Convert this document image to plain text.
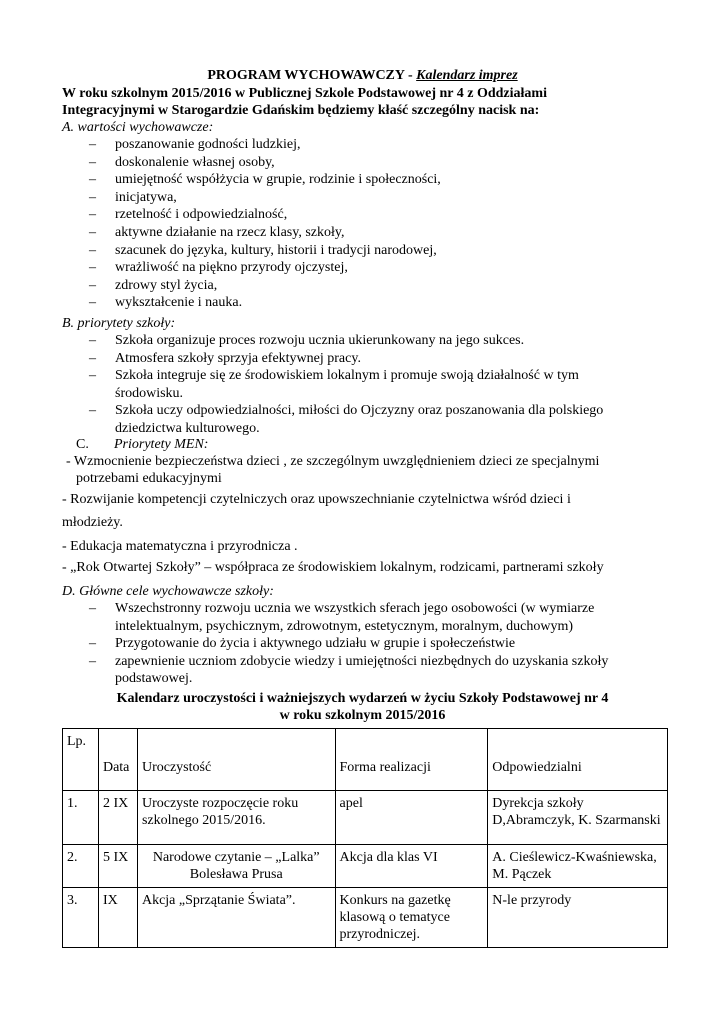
PROGRAM WYCHOWAWCZY - Kalendarz imprez
W roku szkolnym 2015/2016 w Publicznej Szkole Podstawowej nr 4 z Oddziałami
Integracyjnymi w Starogardzie Gdańskim będziemy kłaść szczególny nacisk na:
A. wartości wychowawcze:
– poszanowanie godności ludzkiej,
– doskonalenie własnej osoby,
– umiejętność współżycia w grupie, rodzinie i społeczności,
– inicjatywa,
– rzetelność i odpowiedzialność,
– aktywne działanie na rzecz klasy, szkoły,
– szacunek do języka, kultury, historii i tradycji narodowej,
– wrażliwość na piękno przyrody ojczystej,
– zdrowy styl życia,
– wykształcenie i nauka.
B. priorytety szkoły:
– Szkoła organizuje proces rozwoju ucznia ukierunkowany na jego sukces.
– Atmosfera szkoły sprzyja efektywnej pracy.
– Szkoła integruje się ze środowiskiem lokalnym i promuje swoją działalność w tym środowisku.
– Szkoła uczy odpowiedzialności, miłości do Ojczyzny oraz poszanowania dla polskiego dziedzictwa kulturowego.
C. Priorytety MEN:
- Wzmocnienie bezpieczeństwa dzieci , ze szczególnym uwzględnieniem dzieci ze specjalnymi
potrzebami edukacyjnymi
- Rozwijanie kompetencji czytelniczych oraz upowszechnianie czytelnictwa wśród dzieci i
młodzieży.
- Edukacja matematyczna i przyrodnicza .
- „Rok Otwartej Szkoły” – współpraca ze środowiskiem lokalnym, rodzicami, partnerami szkoły
D. Główne cele wychowawcze szkoły:
– Wszechstronny rozwoju ucznia we wszystkich sferach jego osobowości (w wymiarze intelektualnym, psychicznym, zdrowotnym, estetycznym, moralnym, duchowym)
– Przygotowanie do życia i aktywnego udziału w grupie i społeczeństwie
– zapewnienie uczniom zdobycie wiedzy i umiejętności niezbędnych do uzyskania szkoły podstawowej.
Kalendarz uroczystości i ważniejszych wydarzeń w życiu Szkoły Podstawowej nr 4
w roku szkolnym 2015/2016
Lp.	Data	Uroczystość	Forma realizacji	Odpowiedzialni
1.	2 IX	Uroczyste rozpoczęcie roku szkolnego 2015/2016.	apel	Dyrekcja szkoły D,Abramczyk, K. Szarmanski
2.	5 IX	Narodowe czytanie – „Lalka” Bolesława Prusa	Akcja dla klas VI	A. Cieślewicz-Kwaśniewska, M. Pączek
3.	IX	Akcja „Sprzątanie Świata”.	Konkurs na gazetkę klasową o tematyce przyrodniczej.	N-le przyrody
